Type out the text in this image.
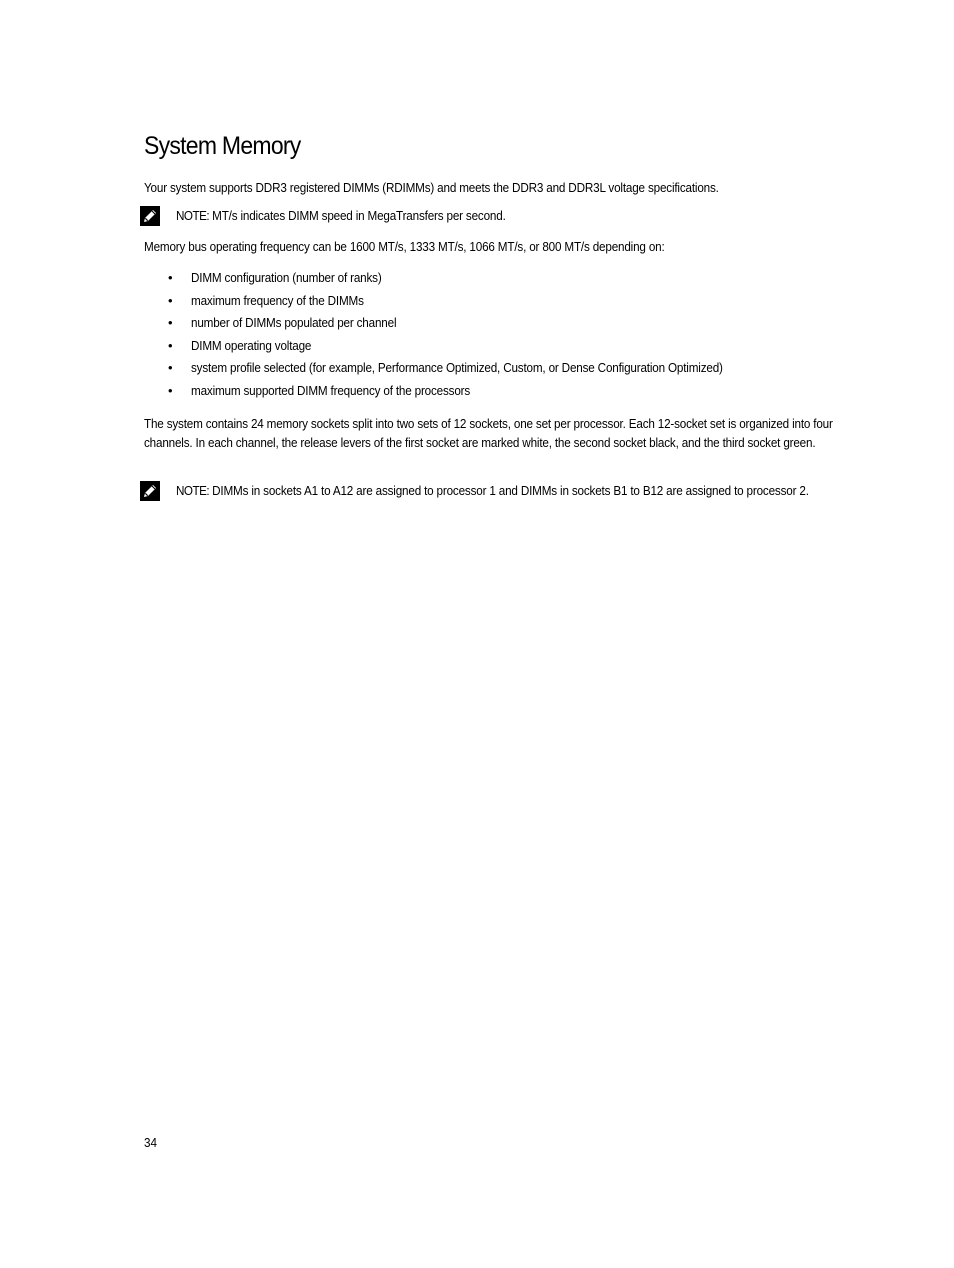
System Memory
Your system supports DDR3 registered DIMMs (RDIMMs) and meets the DDR3 and DDR3L voltage specifications.
NOTE: MT/s indicates DIMM speed in MegaTransfers per second.
Memory bus operating frequency can be 1600 MT/s, 1333 MT/s, 1066 MT/s, or 800 MT/s depending on:
• DIMM configuration (number of ranks)
• maximum frequency of the DIMMs
• number of DIMMs populated per channel
• DIMM operating voltage
• system profile selected (for example, Performance Optimized, Custom, or Dense Configuration Optimized)
• maximum supported DIMM frequency of the processors
The system contains 24 memory sockets split into two sets of 12 sockets, one set per processor. Each 12-socket set is organized into four channels. In each channel, the release levers of the first socket are marked white, the second socket black, and the third socket green.
NOTE: DIMMs in sockets A1 to A12 are assigned to processor 1 and DIMMs in sockets B1 to B12 are assigned to processor 2.
34
